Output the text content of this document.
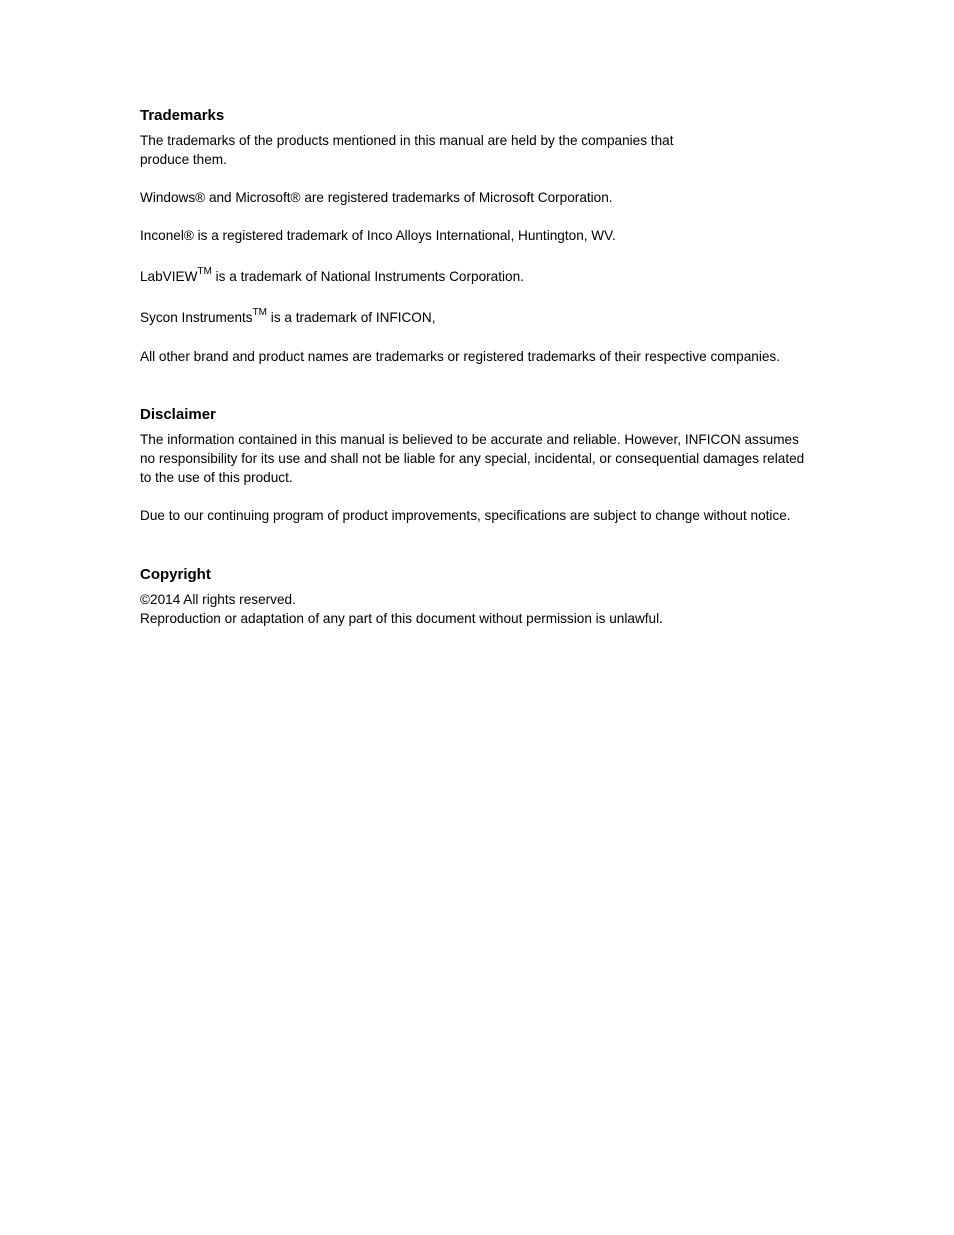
Trademarks

The trademarks of the products mentioned in this manual are held by the companies that
produce them.

Windows® and Microsoft® are registered trademarks of Microsoft Corporation.

Inconel® is a registered trademark of Inco Alloys International, Huntington, WV.

LabVIEW™ is a trademark of National Instruments Corporation.

Sycon Instruments™ is a trademark of INFICON,

All other brand and product names are trademarks or registered trademarks of their respective companies.

Disclaimer

The information contained in this manual is believed to be accurate and reliable. However, INFICON assumes
no responsibility for its use and shall not be liable for any special, incidental, or consequential damages related
to the use of this product.

Due to our continuing program of product improvements, specifications are subject to change without notice.

Copyright

©2014 All rights reserved.
Reproduction or adaptation of any part of this document without permission is unlawful.
